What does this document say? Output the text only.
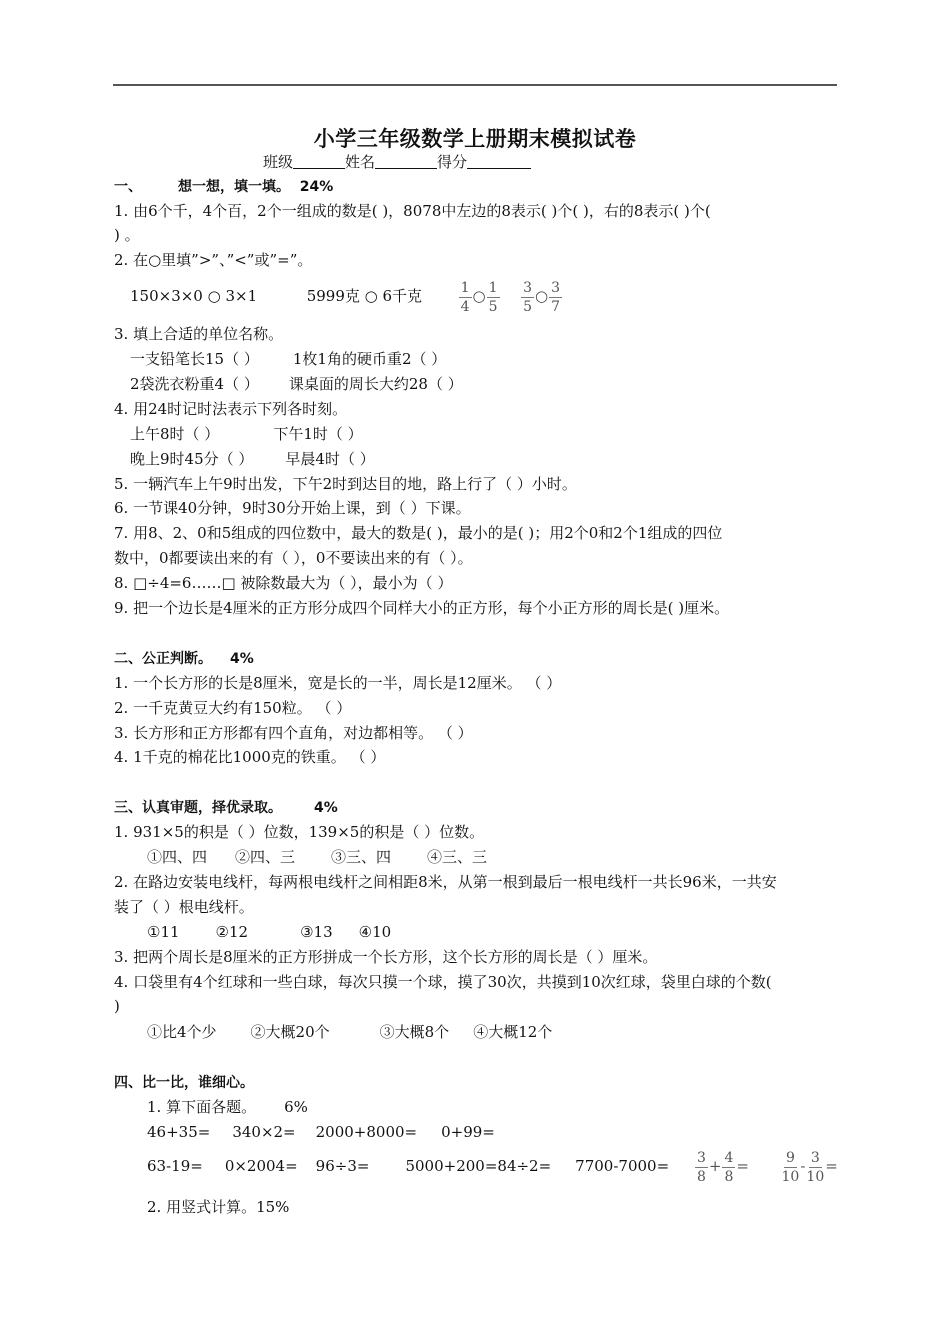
小学三年级数学上册期末模拟试卷
班级	姓名	得分
一、	想一想，填一填。 24%
1. 由6个千，4个百，2个一组成的数是( )，8078中左边的8表示( )个( )，右的8表示( )个(
) 。
2. 在○里填”>”、”<”或”=”。
150×3×0 ○ 3×1	5999克 ○ 6千克	$\frac{1}{4}$ ○ $\frac{1}{5}$
$\frac{3}{5}$ ○ $\frac{3}{7}$
3. 填上合适的单位名称。
一支铅笔长15（ ） 1枚1角的硬币重2（ ）
2袋洗衣粉重4（ ） 课桌面的周长大约28（ ）
4. 用24时记时法表示下列各时刻。
上午8时（ ）	下午1时（ ）
晚上9时45分（ ） 早晨4时（ ）
5. 一辆汽车上午9时出发，下午2时到达目的地，路上行了（ ）小时。
6. 一节课40分钟，9时30分开始上课，到（ ）下课。
7. 用8、2、0和5组成的四位数中，最大的数是( )，最小的是( )；用2个0和2个1组成的四位
数中，0都要读出来的有（ ），0不要读出来的有（ ）。
8. □÷4=6……□ 被除数最大为（ ），最小为（ ）
9. 把一个边长是4厘米的正方形分成四个同样大小的正方形，每个小正方形的周长是( )厘米。
二、公正判断。 4%
1. 一个长方形的长是8厘米，宽是长的一半，周长是12厘米。 （ ）
2. 一千克黄豆大约有150粒。 （ ）
3. 长方形和正方形都有四个直角，对边都相等。 （ ）
4. 1千克的棉花比1000克的铁重。 （ ）
三、认真审题，择优录取。 4%
1. 931×5的积是（ ）位数，139×5的积是（ ）位数。
①四、四 ②四、三 ③三、四 ④三、三
2. 在路边安装电线杆，每两根电线杆之间相距8米，从第一根到最后一根电线杆一共长96米，一共安
装了（ ）根电线杆。
①11 ②12	③13 ④10
3. 把两个周长是8厘米的正方形拼成一个长方形，这个长方形的周长是（ ）厘米。
4. 口袋里有4个红球和一些白球，每次只摸一个球，摸了30次，共摸到10次红球，袋里白球的个数(
)
①比4个少 ②大概20个	③大概8个 ④大概12个
四、比一比，谁细心。
1. 算下面各题。 6%
46+35= 340×2= 2000+8000= 0+99=
$63-19= 0\times 2004= 96\div 3= 5000+200=84\div 2= 7700-7000= \frac{3}{8} + \frac{4}{8} = \frac{9}{10} - \frac{3}{10}$ =
2. 用竖式计算。15%
